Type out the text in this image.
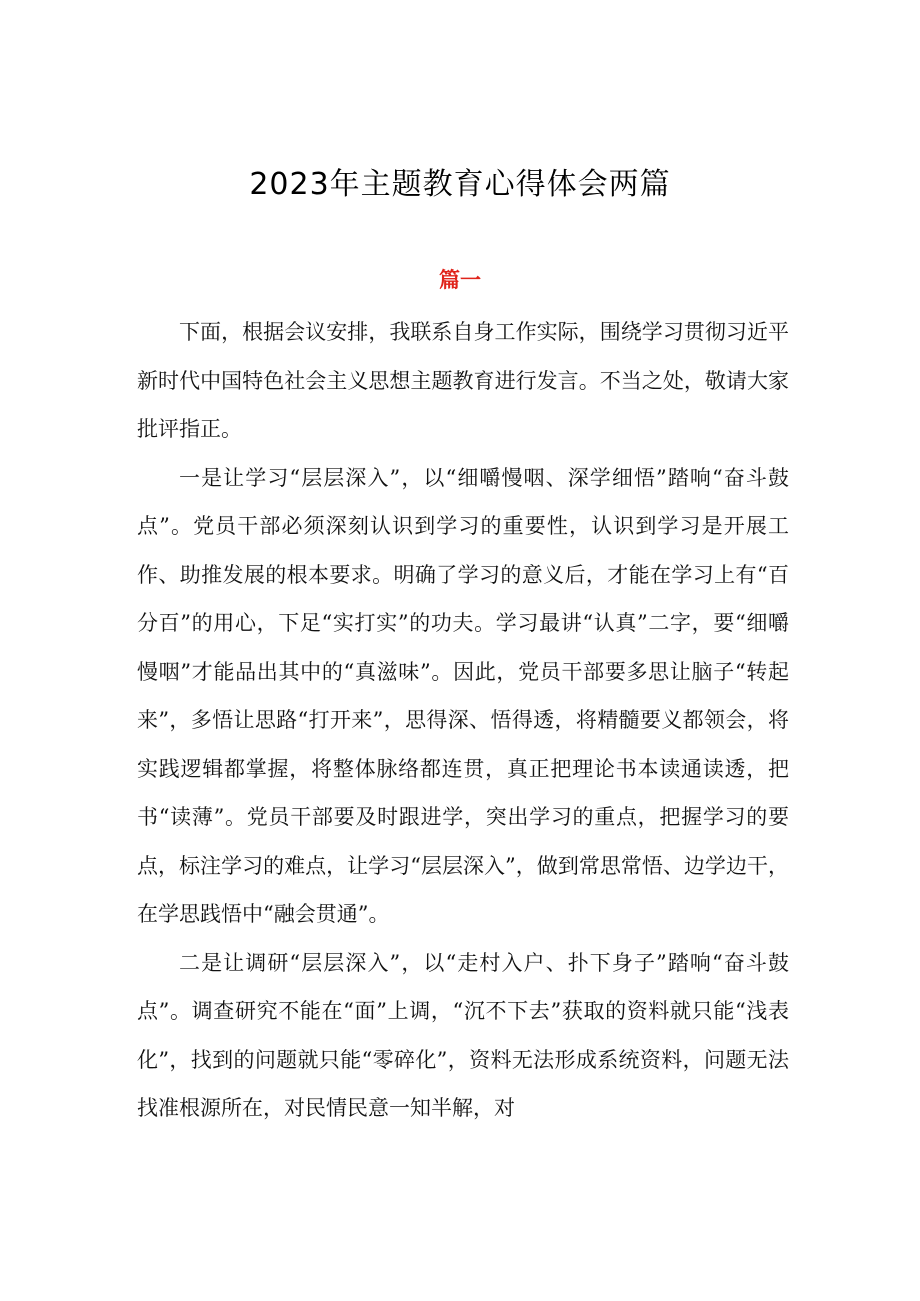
2023年主题教育心得体会两篇
篇一

下面，根据会议安排，我联系自身工作实际，围绕学习贯彻习近平新时代中国特色社会主义思想主题教育进行发言。不当之处，敬请大家批评指正。

一是让学习“层层深入”，以“细嚼慢咽、深学细悟”踏响“奋斗鼓点”。党员干部必须深刻认识到学习的重要性，认识到学习是开展工作、助推发展的根本要求。明确了学习的意义后，才能在学习上有“百分百”的用心，下足“实打实”的功夫。学习最讲“认真”二字，要“细嚼慢咽”才能品出其中的“真滋味”。因此，党员干部要多思让脑子“转起来”，多悟让思路“打开来”，思得深、悟得透，将精髓要义都领会，将实践逻辑都掌握，将整体脉络都连贯，真正把理论书本读通读透，把书“读薄”。党员干部要及时跟进学，突出学习的重点，把握学习的要点，标注学习的难点，让学习“层层深入”，做到常思常悟、边学边干，在学思践悟中“融会贯通”。

二是让调研“层层深入”，以“走村入户、扑下身子”踏响“奋斗鼓点”。调查研究不能在“面”上调，“沉不下去”获取的资料就只能“浅表化”，找到的问题就只能“零碎化”，资料无法形成系统资料，问题无法找准根源所在，对民情民意一知半解，对
